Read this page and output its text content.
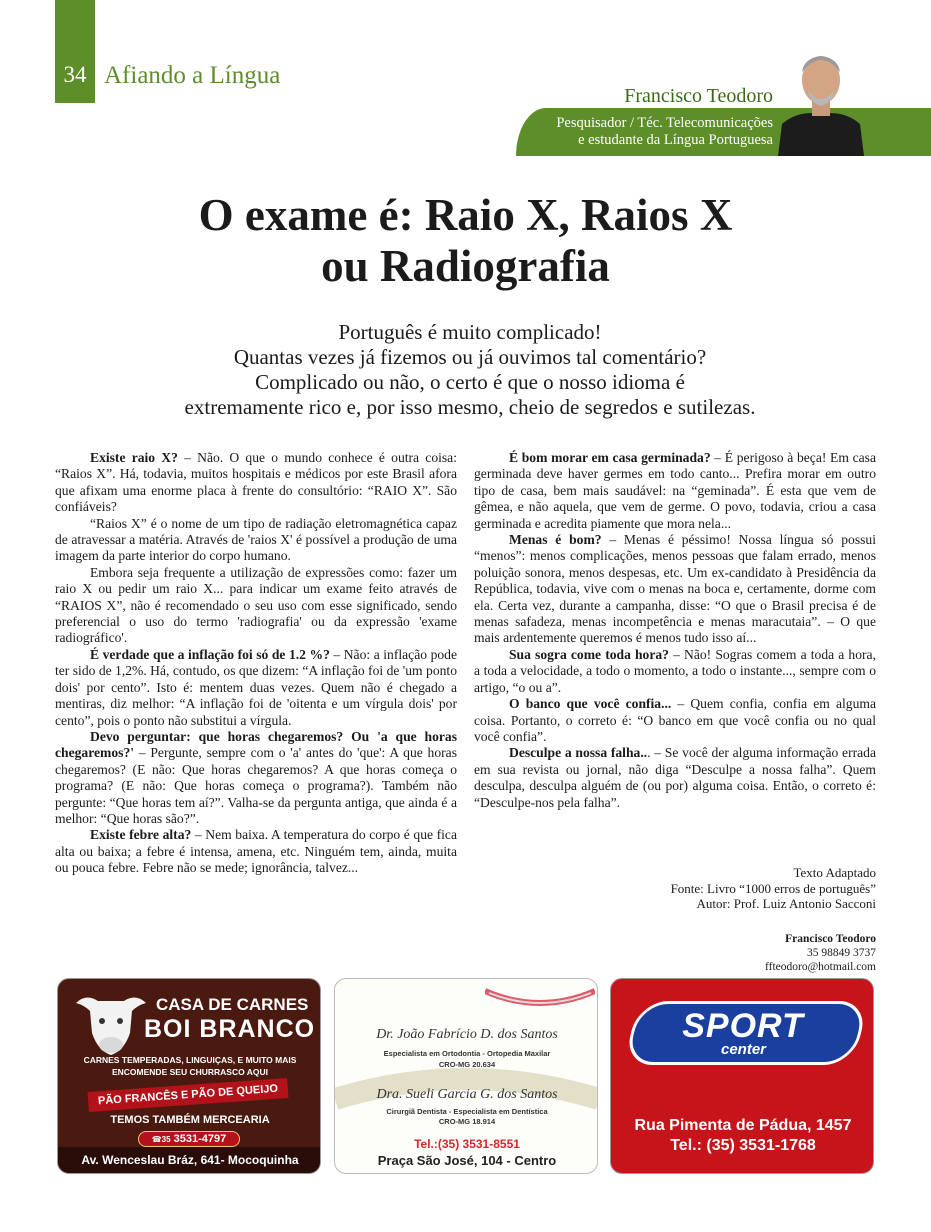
34 Afiando a Língua
Francisco Teodoro
Pesquisador / Téc. Telecomunicações
e estudante da Língua Portuguesa
O exame é: Raio X, Raios X
ou Radiografia
Português é muito complicado!
Quantas vezes já fizemos ou já ouvimos tal comentário?
Complicado ou não, o certo é que o nosso idioma é
extremamente rico e, por isso mesmo, cheio de segredos e sutilezas.

Existe raio X? – Não. O que o mundo conhece é outra coisa: “Raios X”. Há, todavia, muitos hospitais e médicos por este Brasil afora que afixam uma enorme placa à frente do consultório: “RAIO X”. São confiáveis?

“Raios X” é o nome de um tipo de radiação eletromagnética capaz de atravessar a matéria. Através de 'raios X' é possível a produção de uma imagem da parte interior do corpo humano.

Embora seja frequente a utilização de expressões como: fazer um raio X ou pedir um raio X... para indicar um exame feito através de “RAIOS X”, não é recomendado o seu uso com esse significado, sendo preferencial o uso do termo 'radiografia' ou da expressão 'exame radiográfico'.

É verdade que a inflação foi só de 1.2 %? – Não: a inflação pode ter sido de 1,2%. Há, contudo, os que dizem: “A inflação foi de 'um ponto dois' por cento”. Isto é: mentem duas vezes. Quem não é chegado a mentiras, diz melhor: “A inflação foi de 'oitenta e um vírgula dois' por cento”, pois o ponto não substitui a vírgula.

Devo perguntar: que horas chegaremos? Ou 'a que horas chegaremos?' – Pergunte, sempre com o 'a' antes do 'que': A que horas chegaremos? (E não: Que horas chegaremos? A que horas começa o programa? (E não: Que horas começa o programa?). Também não pergunte: “Que horas tem aí?”. Valha-se da pergunta antiga, que ainda é a melhor: “Que horas são?”.

Existe febre alta? – Nem baixa. A temperatura do corpo é que fica alta ou baixa; a febre é intensa, amena, etc. Ninguém tem, ainda, muita ou pouca febre. Febre não se mede; ignorância, talvez...

É bom morar em casa germinada? – É perigoso à beça! Em casa germinada deve haver germes em todo canto... Prefira morar em outro tipo de casa, bem mais saudável: na “geminada”. É esta que vem de gêmea, e não aquela, que vem de germe. O povo, todavia, criou a casa germinada e acredita piamente que mora nela...

Menas é bom? – Menas é péssimo! Nossa língua só possui “menos”: menos complicações, menos pessoas que falam errado, menos poluição sonora, menos despesas, etc. Um ex-candidato à Presidência da República, todavia, vive com o menas na boca e, certamente, dorme com ela. Certa vez, durante a campanha, disse: “O que o Brasil precisa é de menas safadeza, menas incompetência e menas maracutaia”. – O que mais ardentemente queremos é menos tudo isso aí...

Sua sogra come toda hora? – Não! Sogras comem a toda a hora, a toda a velocidade, a todo o momento, a todo o instante..., sempre com o artigo, “o ou a”.

O banco que você confia... – Quem confia, confia em alguma coisa. Portanto, o correto é: “O banco em que você confia ou no qual você confia”.

Desculpe a nossa falha... – Se você der alguma informação errada em sua revista ou jornal, não diga “Desculpe a nossa falha”. Quem desculpa, desculpa alguém de (ou por) alguma coisa. Então, o correto é: “Desculpe-nos pela falha”.

Texto Adaptado
Fonte: Livro “1000 erros de português”
Autor: Prof. Luiz Antonio Sacconi
Francisco Teodoro
35 98849 3737
ffteodoro@hotmail.com
CASA DE CARNES
BOI BRANCO
CARNES TEMPERADAS, LINGUIÇAS, E MUITO MAIS
ENCOMENDE SEU CHURRASCO AQUI
PÃO FRANCÊS E PÃO DE QUEIJO
TEMOS TAMBÉM MERCEARIA
☎35 3531-4797
Av. Wenceslau Bráz, 641- Mocoquinha
Dr. João Fabrício D. dos Santos
Especialista em Ortodontia - Ortopedia Maxilar
CRO-MG 20.634
Dra. Sueli Garcia G. dos Santos
Cirurgiã Dentista - Especialista em Dentística
CRO-MG 18.914
Tel.:(35) 3531-8551
Praça São José, 104 - Centro
SPORT
center
Rua Pimenta de Pádua, 1457
Tel.: (35) 3531-1768
